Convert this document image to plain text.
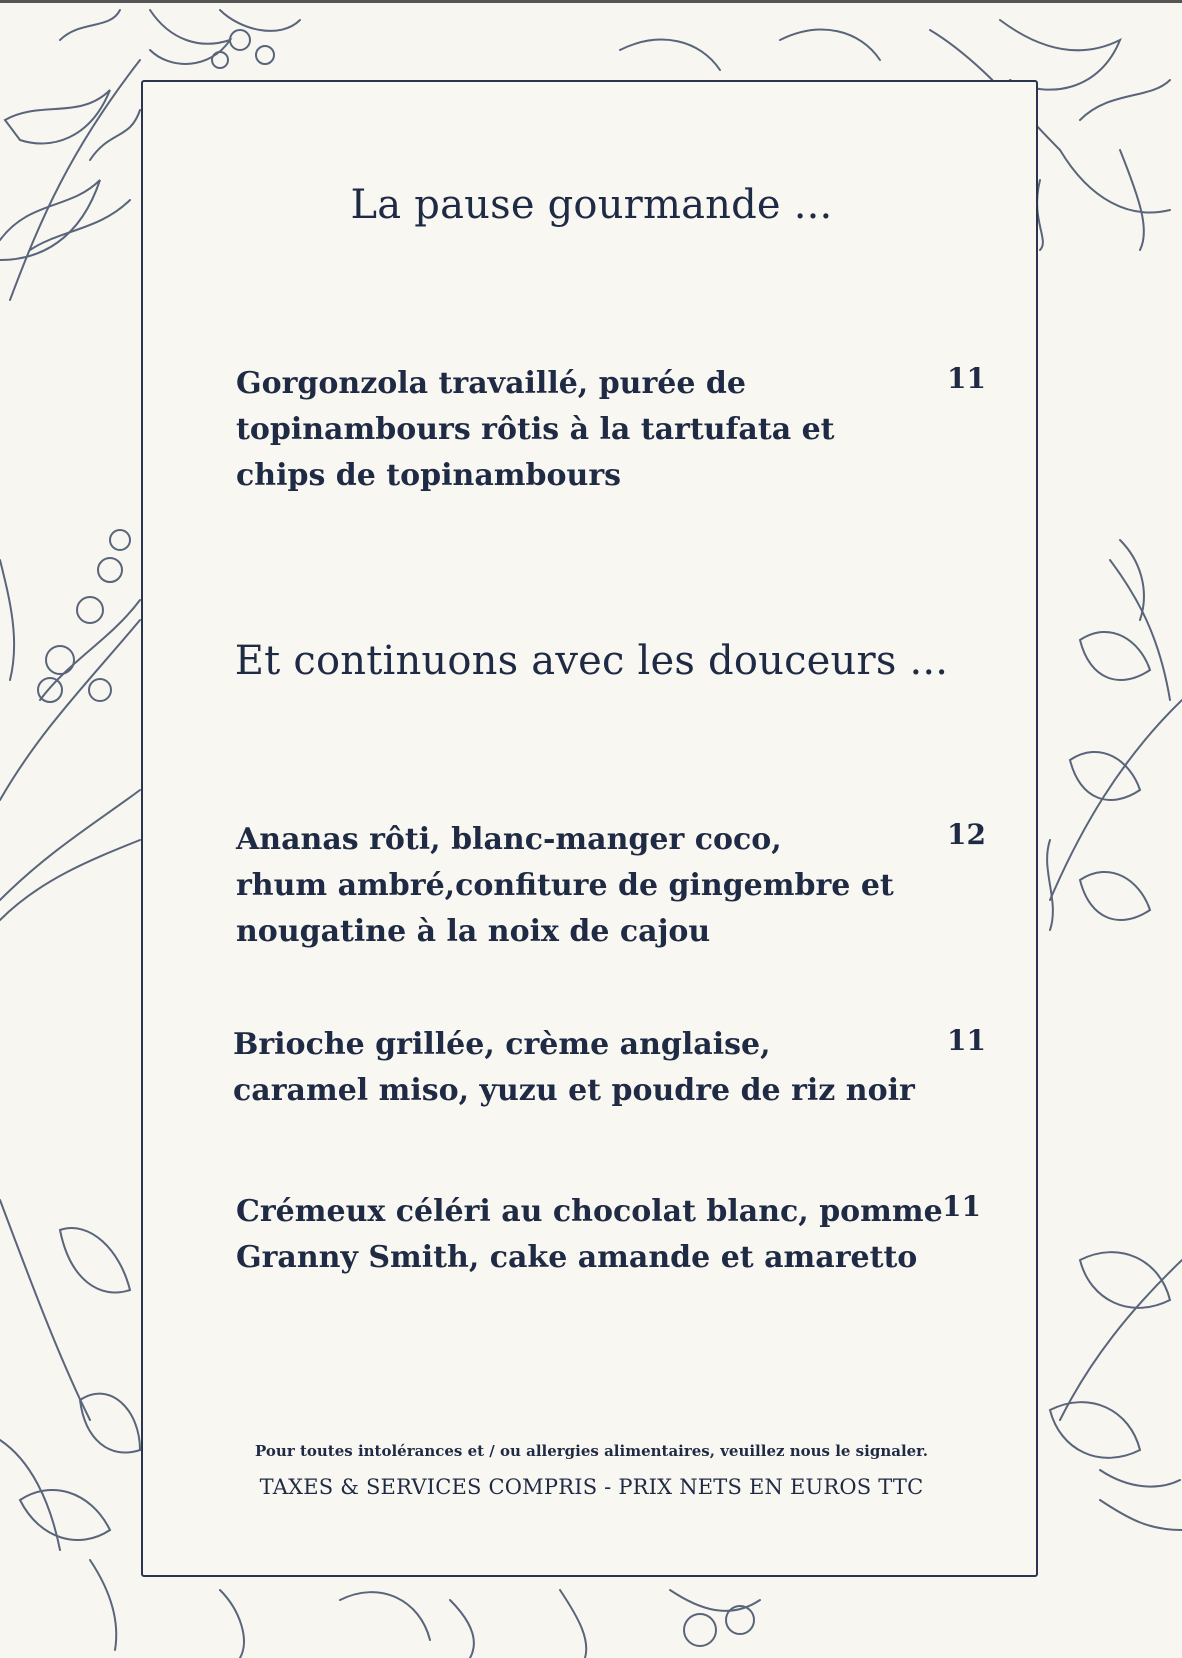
La pause gourmande ...
Gorgonzola travaillé, purée de
topinambours rôtis à la tartufata et
chips de topinambours
11
Et continuons avec les douceurs ...
Ananas rôti, blanc-manger coco,
rhum ambré,confiture de gingembre et
nougatine à la noix de cajou
12
Brioche grillée, crème anglaise,
caramel miso, yuzu et poudre de riz noir
11
Crémeux céléri au chocolat blanc, pomme
Granny Smith, cake amande et amaretto
11
Pour toutes intolérances et / ou allergies alimentaires, veuillez nous le signaler.
TAXES & SERVICES COMPRIS - PRIX NETS EN EUROS TTC
